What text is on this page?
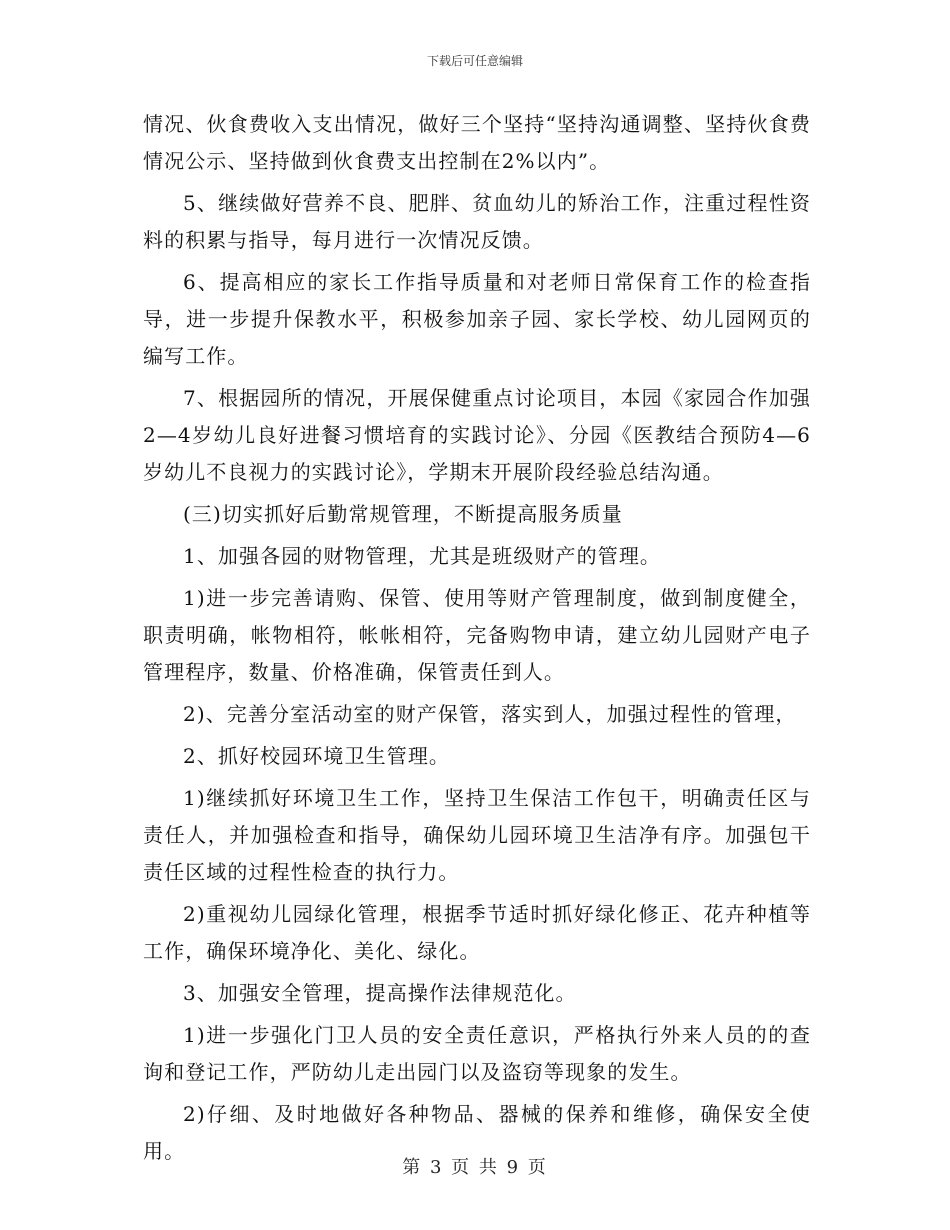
下载后可任意编辑

情况、伙食费收入支出情况，做好三个坚持“坚持沟通调整、坚持伙食费情况公示、坚持做到伙食费支出控制在2%以内”。

5、继续做好营养不良、肥胖、贫血幼儿的矫治工作，注重过程性资料的积累与指导，每月进行一次情况反馈。

6、提高相应的家长工作指导质量和对老师日常保育工作的检查指导，进一步提升保教水平，积极参加亲子园、家长学校、幼儿园网页的编写工作。

7、根据园所的情况，开展保健重点讨论项目，本园《家园合作加强2—4岁幼儿良好进餐习惯培育的实践讨论》、分园《医教结合预防4—6岁幼儿不良视力的实践讨论》，学期末开展阶段经验总结沟通。

(三)切实抓好后勤常规管理，不断提高服务质量

1、加强各园的财物管理，尤其是班级财产的管理。

1)进一步完善请购、保管、使用等财产管理制度，做到制度健全，职责明确，帐物相符，帐帐相符，完备购物申请，建立幼儿园财产电子管理程序，数量、价格准确，保管责任到人。

2)、完善分室活动室的财产保管，落实到人，加强过程性的管理，

2、抓好校园环境卫生管理。

1)继续抓好环境卫生工作，坚持卫生保洁工作包干，明确责任区与责任人，并加强检查和指导，确保幼儿园环境卫生洁净有序。加强包干责任区域的过程性检查的执行力。

2)重视幼儿园绿化管理，根据季节适时抓好绿化修正、花卉种植等工作，确保环境净化、美化、绿化。

3、加强安全管理，提高操作法律规范化。

1)进一步强化门卫人员的安全责任意识，严格执行外来人员的的查询和登记工作，严防幼儿走出园门以及盗窃等现象的发生。

2)仔细、及时地做好各种物品、器械的保养和维修，确保安全使用。

第 3 页 共 9 页
